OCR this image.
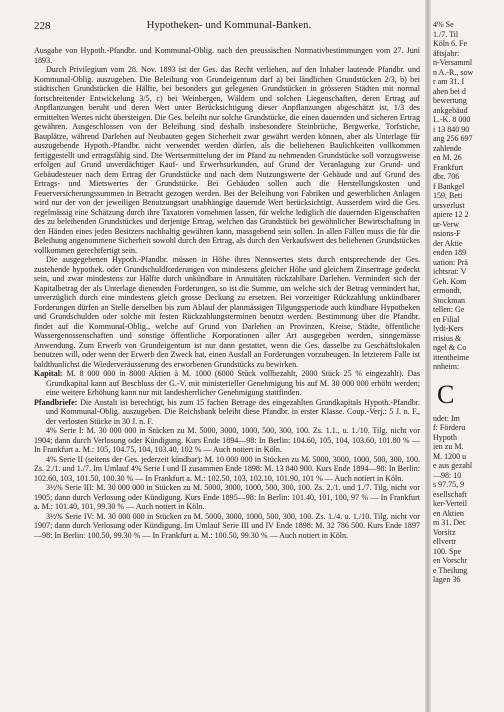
228	Hypotheken- und Kommunal-Banken.

Ausgabe von Hypoth.-Pfandbr. und Kommunal-Oblig. nach den preussischen Normativbestimmungen vom 27. Juni 1893.

Durch Privilegium vom 28. Nov. 1893 ist der Ges. das Recht verliehen, auf den Inhaber lautende Pfandbr. und Kommunal-Oblig. auszugeben. Die Beleihung von Grundeigentum darf a) bei ländlichen Grundstücken 2/3, b) bei städtischen Grundstücken die Hälfte, bei besonders gut gelegenen Grundstücken in grösseren Städten mit normal fortschreitender Entwickelung 3/5, c) bei Weinbergen, Wäldern und solchen Liegenschaften, deren Ertrag auf Anpflanzungen beruht und deren Wert unter Berücksichtigung dieser Anpflanzungen abgeschätzt ist, 1/3 des ermittelten Wertes nicht übersteigen. Die Ges. beleiht nur solche Grundstücke, die einen dauernden und sicheren Ertrag gewähren. Ausgeschlossen von der Beleihung sind deshalb insbesondere Steinbrüche, Bergwerke, Torfstiche, Bauplätze, während Darlehen auf Neubauten gegen Sicherheit zwar gewährt werden können, aber als Unterlage für auszugebende Hypoth.-Pfandbr. nicht verwendet werden dürfen, als die beliehenen Baulichkeiten vollkommen fertiggestellt und ertragsfähig sind. Die Wertsermittelung der im Pfand zu nehmenden Grundstücke soll vorzugsweise erfolgen auf Grund unverdächtiger Kauf- und Erwerbsurkunden, auf Grund der Veranlagung zur Grund- und Gebäudesteuer nach dem Ertrag der Grundstücke und nach dem Nutzungswerte der Gebäude und auf Grund des Ertrags- und Mietswertes der Grundstücke. Bei Gebäuden sollen auch die Herstellungskosten und Feuerversicherungssummen in Betracht gezogen werden. Bei der Beleihung von Fabriken und gewerblichen Anlagen wird nur der von der jeweiligen Benutzungsart unabhängige dauernde Wert berücksichtigt. Ausserdem wird die Ges. regelmässig eine Schätzung durch ihre Taxatoren vornehmen lassen, für welche lediglich die dauernden Eigenschaften des zu beleihenden Grundstückes und derjenige Ertrag, welchen das Grundstück bei gewöhnlicher Bewirtschaftung in den Händen eines jeden Besitzers nachhaltig gewähren kann, massgebend sein sollen. In allen Fällen muss die für die Beleihung angenommene Sicherheit sowohl durch den Ertrag, als durch den Verkaufswert des beliehenen Grundstückes vollkommen gerechtfertigt sein.

Die ausgegebenen Hypoth.-Pfandbr. müssen in Höhe ihres Nennwertes stets durch entsprechende der Ges. zustehende hypothek. oder Grundschuldforderungen von mindestens gleicher Höhe und gleichem Zinsertrage gedeckt sein, und zwar mindestens zur Hälfte durch unkündbare in Annuitäten rückzahlbare Darlehen. Vermindert sich der Kapitalbetrag der als Unterlage dienenden Forderungen, so ist die Summe, um welche sich der Betrag vermindert hat, unverzüglich durch eine mindestens gleich grosse Deckung zu ersetzen. Bei vorzeitiger Rückzahlung unkündbarer Forderungen dürfen an Stelle derselben bis zum Ablauf der planmässigen Tilgungsperiode auch kündbare Hypotheken und Grundschulden oder solche mit festen Rückzahlungsterminen benutzt werden. Bestimmung über die Pfandbr. findet auf die Kommunal-Oblig., welche auf Grund von Darlehen an Provinzen, Kreise, Städte, öffentliche Wassergenossenschaften und sonstige öffentliche Korporationen aller Art ausgegeben werden, sinngemässe Anwendung. Zum Erwerb von Grundeigentum ist nur dann gestattet, wenn die Ges. dasselbe zu Geschäftslokalen benutzen will, oder wenn der Erwerb den Zweck hat, einen Ausfall an Forderungen vorzubeugen. In letzterem Falle ist baldthunlichst die Wiederveräusserung des erworbenen Grundstücks zu bewirken.

Kapital: M. 8 000 000 in 8000 Aktien à M. 1000 (6000 Stück vollbezahlt, 2000 Stück 25 % eingezahlt). Das Grundkapital kann auf Beschluss der G.-V. mit ministerieller Genehmigung bis auf M. 30 000 000 erhöht werden; eine weitere Erhöhung kann nur mit landesherrlicher Genehmigung stattfinden.

Pfandbriefe: Die Anstalt ist berechtigt, bis zum 15 fachen Betrage des eingezahlten Grundkapitals Hypoth.-Pfandbr. und Kommunal-Oblig. auszugeben. Die Reichsbank beleiht diese Pfandbr. in erster Klasse. Coup.-Verj.: 5 J. n. F., der verlosten Stücke in 30 J. n. F.

4% Serie I: M. 30 000 000 in Stücken zu M. 5000, 3000, 1000, 500, 300, 100. Zs. 1.1., u. 1./10. Tilg. nicht vor 1904; dann durch Verlosung oder Kündigung. Kurs Ende 1894—98: In Berlin: 104.60, 105, 104, 103.60, 101.80 % — In Frankfurt a. M.: 105, 104.75, 104, 103.40, 102 % — Auch notiert in Köln.

4% Serie II (seitens der Ges. jederzeit kündbar): M. 10 000 000 in Stücken zu M. 5000, 3000, 1000, 500, 300, 100. Zs. 2./1. und 1./7. Im Umlauf 4% Serie I und II zusammen Ende 1898: M. 13 840 900. Kurs Ende 1894—98: In Berlin: 102.60, 103, 101.50, 100.30 % — In Frankfurt a. M.: 102.50, 103, 102.10, 101.90, 101 % — Auch notiert in Köln.

3½% Serie III: M. 30 000 000 in Stücken zu M. 5000, 3000, 1000, 500, 300, 100. Zs. 2./1. und 1./7. Tilg. nicht vor 1905; dann durch Verlosung oder Kündigung. Kurs Ende 1895—98: In Berlin: 101.40, 101, 100, 97 % — In Frankfurt a. M.: 101.40, 101, 99.30 % — Auch notiert in Köln.

3½% Serie IV: M. 30 000 000 in Stücken zu M. 5000, 3000, 1000, 500, 300, 100. Zs. 1./4. u. 1./10. Tilg. nicht vor 1907; dann durch Verlosung oder Kündigung. Im Umlauf Serie III und IV Ende 1898: M. 32 786 500. Kurs Ende 1897—98: In Berlin: 100.50, 99.30 % — In Frankfurt a. M.: 100.50, 99.30 % — Auch notiert in Köln.

4% Se
1./7. Til
Köln 6. Fe
äftsjahr:
n-Versamml
n A.-R., sow
r am 31. I
aben bei d
bewertung
ankgebäud
L.-K. 8 000
i 13 840 90
ang 256 697
zahlende
en M. 26
Frankfurt
dbr. 706
f Bankgel
159, Beti
ursverlust
apiere 12 2
ur-Verw
nsions-F
der Aktie
enden 189
uation: Prä
ichtsrat: V
Geh. Kom
ermondt,
Stockman
tellen: Ge
en Filial
lydt-Kers
rrisius &
ngel & Co
ittentheime
nnheim:
C
ndet: Im
f: Förderu
Hypoth
ien zu M.
M. 1200 u
e aus gezahl
—98: 10
s 97.75, 9
esellschaft
ker-Verteil
en Aktien
m 31. Dec
Vorsitz
ellvertr
100. Spe
en Vorschr
e Theilung
lagen 36
